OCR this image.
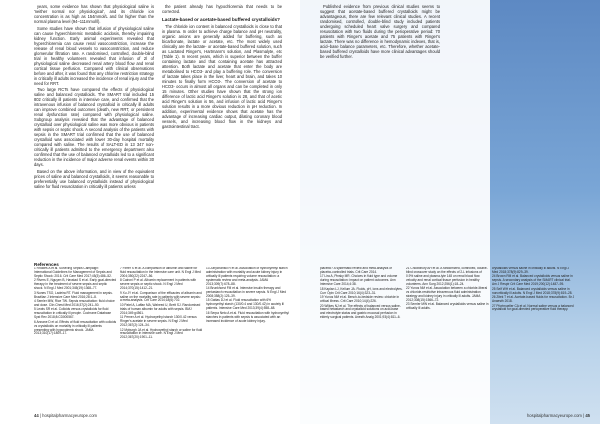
years, some evidence has shown that physiological saline is 'neither normal nor physiological', and its chloride ion concentration is as high as 154mmol/L and far higher than the normal plasma level (94–111mmol/l).

Some studies have shown that infusion of physiological saline can cause hyperchloremic metabolic acidosis, thereby impairing kidney function. Early animal experiments revealed that hyperchloremia can cause renal vasoconstriction, increase the release of renal blood vessels to vasoconstriction, and reduce glomerular filtration rate. A randomised, controlled, double-blind trial in healthy volunteers revealed that infusion of 2l of physiological saline decreased renal artery blood flow and renal cortical tissue perfusion. Compared with clinical observations before and after, it was found that any chlorine restriction strategy in critically ill adults increased the incidence of renal injury and the need for RRT.

Two large RCTs have compared the effects of physiological saline and balanced crystalloids. The SMART trial included 15 802 critically ill patients in intensive care, and confirmed that the intravenous infusion of balanced crystalloid in critically ill adults can improve combined outcomes (death, new RRT, or persistent renal dysfunction rate) compared with physiological saline. Subgroup analysis revealed that the advantage of balanced crystalloid over physiological saline was more obvious in patients with sepsis or septic shock. A second analysis of the patients with sepsis in the SMART trial confirmed that the use of balanced crystalloid was associated with lower 30-day hospital mortality compared with saline. The results of SALT-ED in 13 347 non-critically ill patients admitted to the emergency department also confirmed that the use of balanced crystalloids led to a significant reduction in the incidence of major adverse renal events within 30 days.

Based on the above information, and in view of the equivalent prices of saline and balanced crystalloids, it seems reasonable to preferentially use balanced crystalloids instead of physiological saline for fluid resuscitation in critically ill patients unless

the patient already has hypochloremia that needs to be corrected.

Lactate-based or acetate-based buffered crystalloids?

The chloride ion content in balanced crystalloids is close to that in plasma. In order to achieve charge balance and pH neutrality, organic anions are generally added for buffering, such as bicarbonate, lactate or acetate, etc. The most widely used clinically are the lactate- or acetate-based buffered solution, such as Lactated Ringer's, Hartmann's solution, and Plasmalyte, etc (Table 1). In recent years, which is superior between the buffer containing lactate and that containing acetate has attracted attention. Both lactate and acetate that enter the body are metabolised to HCO3- and play a buffering role. The conversion of lactate takes place in the liver, heart and brain, and takes 10 minutes to finally form HCO3-. The conversion of acetate to HCO3- occurs in almost all organs and can be completed in only 15 minutes. Other studies have shown that the strong ion difference of lactic acid Ringer's solution is 28, and that of acetic acid Ringer's solution is 56, and infusion of lactic acid Ringer's solution results in a more obvious reduction in pH reduction. In addition, experimental evidence shows that acetate has the advantage of increasing cardiac output, dilating coronary blood vessels, and increasing blood flow in the kidneys and gastrointestinal tract.

Published evidence from previous clinical studies seems to suggest that acetate-based buffered crystalloids might be advantageous, there are few relevant clinical studies. A recent randomised, controlled, double-blind study included patients undergoing scheduled heart valve surgery and compared resuscitation with two fluids during the perioperative period: 70 patients with Ringer's acetate and 75 patients with Ringer's lactate. There was no difference in hemodynamic indexes, that is, acid–base balance parameters, etc. Therefore, whether acetate-based buffered crystalloids have more clinical advantages should be verified further.

References
1 Rhodes A et al. Surviving Sepsis Campaign: International Guidelines for Management of Sepsis and Septic Shock: 2016. Crit Care Med 2017;45(3):486–52.
2 Rivers E, Nguyen B, Havstad S et al. Early goal-directed therapy in the treatment of severe sepsis and septic shock. N Engl J Med 2001;345(19):1368–77.
3 Nunes TSO, Ladeira RT. Fluid management in sepsis. Brazilian J Intensive Care Med 2016;28:1–8.
4 Semler MW, Rice TW. Sepsis resuscitation: fluid choice and dose. Clin Chest Med 2016;37(2):241–50.
5 Lewis SR et al. Colloids versus crystalloids for fluid resuscitation in critically ill people. Cochrane Database Syst Rev 2018;8:CD000567.
6 Annane D et al. Effects of fluid resuscitation with colloids vs crystalloids on mortality in critically ill patients presenting with hypovolemic shock. JAMA 2013;310(17):1809–17.
7 Finfer S et al. A comparison of albumin and saline for fluid resuscitation in the intensive care unit. N Engl J Med 2004;350(22):2247–56.
8 Caironi P et al. Albumin replacement in patients with severe sepsis or septic shock. N Engl J Med 2014;370(15):1412–21.
9 Xu JY et al. Comparison of the efficacies of albumin and saline on the mortality rate in patients with severe sepsis: a meta-analysis. Crit Care 2014;18(6):702.
10 Patel A, Laffan MA, Waheed U, Brett SJ. Randomised trials of human albumin for adults with sepsis. BMJ 2014;349:g4561.
11 Perner A et al. Hydroxyethyl starch 130/0.42 versus Ringer's acetate in severe sepsis. N Engl J Med 2012;367(2):124–34.
12 Myburgh JA et al. Hydroxyethyl starch or saline for fluid resuscitation in intensive care. N Engl J Med 2012;367(20):1901–11.
13 Zarychanski R et al. Association of hydroxyethyl starch administration with mortality and acute kidney injury in critically ill patients requiring volume resuscitation: a systematic review and meta-analysis. JAMA 2013;309(7):678–88.
14 Brunkhorst FM et al. Intensive insulin therapy and pentastarch resuscitation in severe sepsis. N Engl J Med 2008;358(2):125–39.
15 Gattas DJ et al. Fluid resuscitation with 6% hydroxyethyl starch (130/0.4 and 130/0.42) in acutely ill patients. Intensive Care Med 2013;39(4):558–68.
16 Serpa Neto A et al. Fluid resuscitation with hydroxyethyl starches in patients with sepsis is associated with an increased incidence of acute kidney injury.
placebo? A systematic review and meta-analysis of placebo-controlled trials. Crit Care 2014.
17 Lira A, Pinsky MR. Choices in fluid type and volume during resuscitation: impact on patient outcomes. Ann Intensive Care 2014;4:38.
18 Kaplan LJ, Kellum JA. Fluids, pH, ions and electrolytes. Curr Opin Crit Care 2010;16(4):323–31.
19 Yunos NM et al. Bench-to-bedside review: chloride in critical illness. Crit Care 2010;14(4):226.
20 Wilkes NJ et al. The effects of balanced versus saline-based hetastarch and crystalloid solutions on acid-base and electrolyte status and gastric mucosal perfusion in elderly surgical patients. Anesth Analg 2001;93(4):811–6.
21 Chowdhury AH et al. A randomized, controlled, double-blind crossover study on the effects of 2-L infusions of 0.9% saline and plasma-lyte 148 on renal blood flow velocity and renal cortical tissue perfusion in healthy volunteers. Ann Surg 2012;256(1):18–24.
22 Yunos NM et al. Association between a chloride-liberal vs chloride-restrictive intravenous fluid administration strategy and kidney injury in critically ill adults. JAMA 2012;308(15):1566–72.
23 Semler MW et al. Balanced crystalloids versus saline in critically ill adults.
crystalloids versus saline in critically ill adults. N Engl J Med 2018;378(9):829–39.
24 Brown RM et al. Balanced crystalloids versus saline in sepsis. A secondary analysis of the SMART clinical trial. Am J Respir Crit Care Med 2019;200(12):1487–95.
25 Self WH et al. Balanced crystalloids versus saline in noncritically ill adults. N Engl J Med 2018;378(9):819–28.
26 Zitek T et al. Acetate-based fluids for resuscitation. Br J Anaesth 2018.
27 Pfortmueller CA et al. Normal saline versus a balanced crystalloid for goal-directed perioperative fluid therapy.
44 | hospitalpharmacyeurope.com	hospitalpharmacyeurope.com | 45
